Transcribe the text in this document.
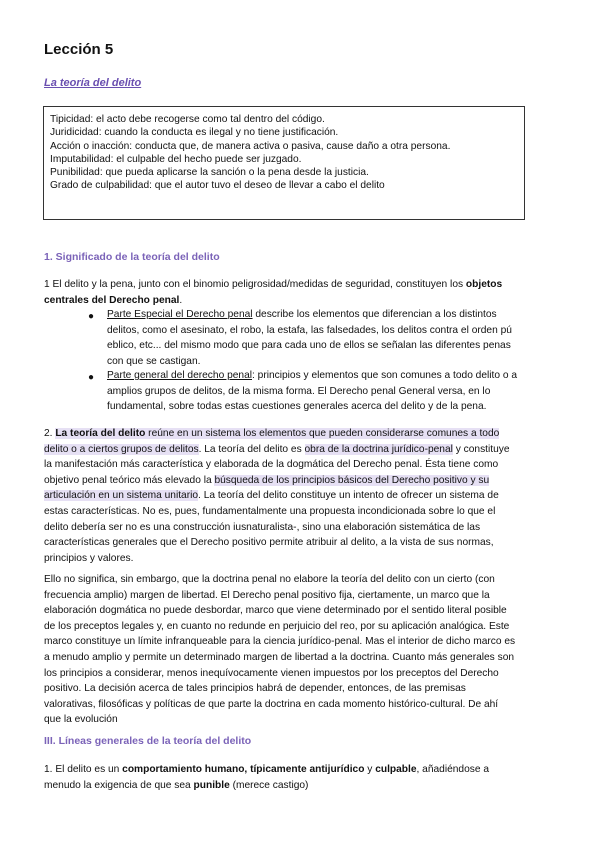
Lección 5
La teoría del delito
Tipicidad: el acto debe recogerse como tal dentro del código.
Juridicidad: cuando la conducta es ilegal y no tiene justificación.
Acción o inacción: conducta que, de manera activa o pasiva, cause daño a otra persona.
Imputabilidad: el culpable del hecho puede ser juzgado.
Punibilidad: que pueda aplicarse la sanción o la pena desde la justicia.
Grado de culpabilidad: que el autor tuvo el deseo de llevar a cabo el delito
1. Significado de la teoría del delito
1 El delito y la pena, junto con el binomio peligrosidad/medidas de seguridad, constituyen los objetos
centrales del Derecho penal.
● Parte Especial el Derecho penal describe los elementos que diferencian a los distintos
delitos, como el asesinato, el robo, la estafa, las falsedades, los delitos contra el orden pú
eblico, etc... del mismo modo que para cada uno de ellos se señalan las diferentes penas
con que se castigan.
● Parte general del derecho penal: principios y elementos que son comunes a todo delito o a
amplios grupos de delitos, de la misma forma. El Derecho penal General versa, en lo
fundamental, sobre todas estas cuestiones generales acerca del delito y de la pena.
2. La teoría del delito reúne en un sistema los elementos que pueden considerarse comunes a todo
delito o a ciertos grupos de delitos. La teoría del delito es obra de la doctrina jurídico-penal y constituye
la manifestación más característica y elaborada de la dogmática del Derecho penal. Ésta tiene como
objetivo penal teórico más elevado la búsqueda de los principios básicos del Derecho positivo y su
articulación en un sistema unitario. La teoría del delito constituye un intento de ofrecer un sistema de
estas características. No es, pues, fundamentalmente una propuesta incondicionada sobre lo que el
delito debería ser no es una construcción iusnaturalista-, sino una elaboración sistemática de las
características generales que el Derecho positivo permite atribuir al delito, a la vista de sus normas,
principios y valores.
Ello no significa, sin embargo, que la doctrina penal no elabore la teoría del delito con un cierto (con
frecuencia amplio) margen de libertad. El Derecho penal positivo fija, ciertamente, un marco que la
elaboración dogmática no puede desbordar, marco que viene determinado por el sentido literal posible
de los preceptos legales y, en cuanto no redunde en perjuicio del reo, por su aplicación analógica. Este
marco constituye un límite infranqueable para la ciencia jurídico-penal. Mas el interior de dicho marco es
a menudo amplio y permite un determinado margen de libertad a la doctrina. Cuanto más generales son
los principios a considerar, menos inequívocamente vienen impuestos por los preceptos del Derecho
positivo. La decisión acerca de tales principios habrá de depender, entonces, de las premisas
valorativas, filosóficas y políticas de que parte la doctrina en cada momento histórico-cultural. De ahí
que la evolución
III. Líneas generales de la teoría del delito
1. El delito es un comportamiento humano, típicamente antijurídico y culpable, añadiéndose a
menudo la exigencia de que sea punible (merece castigo)
